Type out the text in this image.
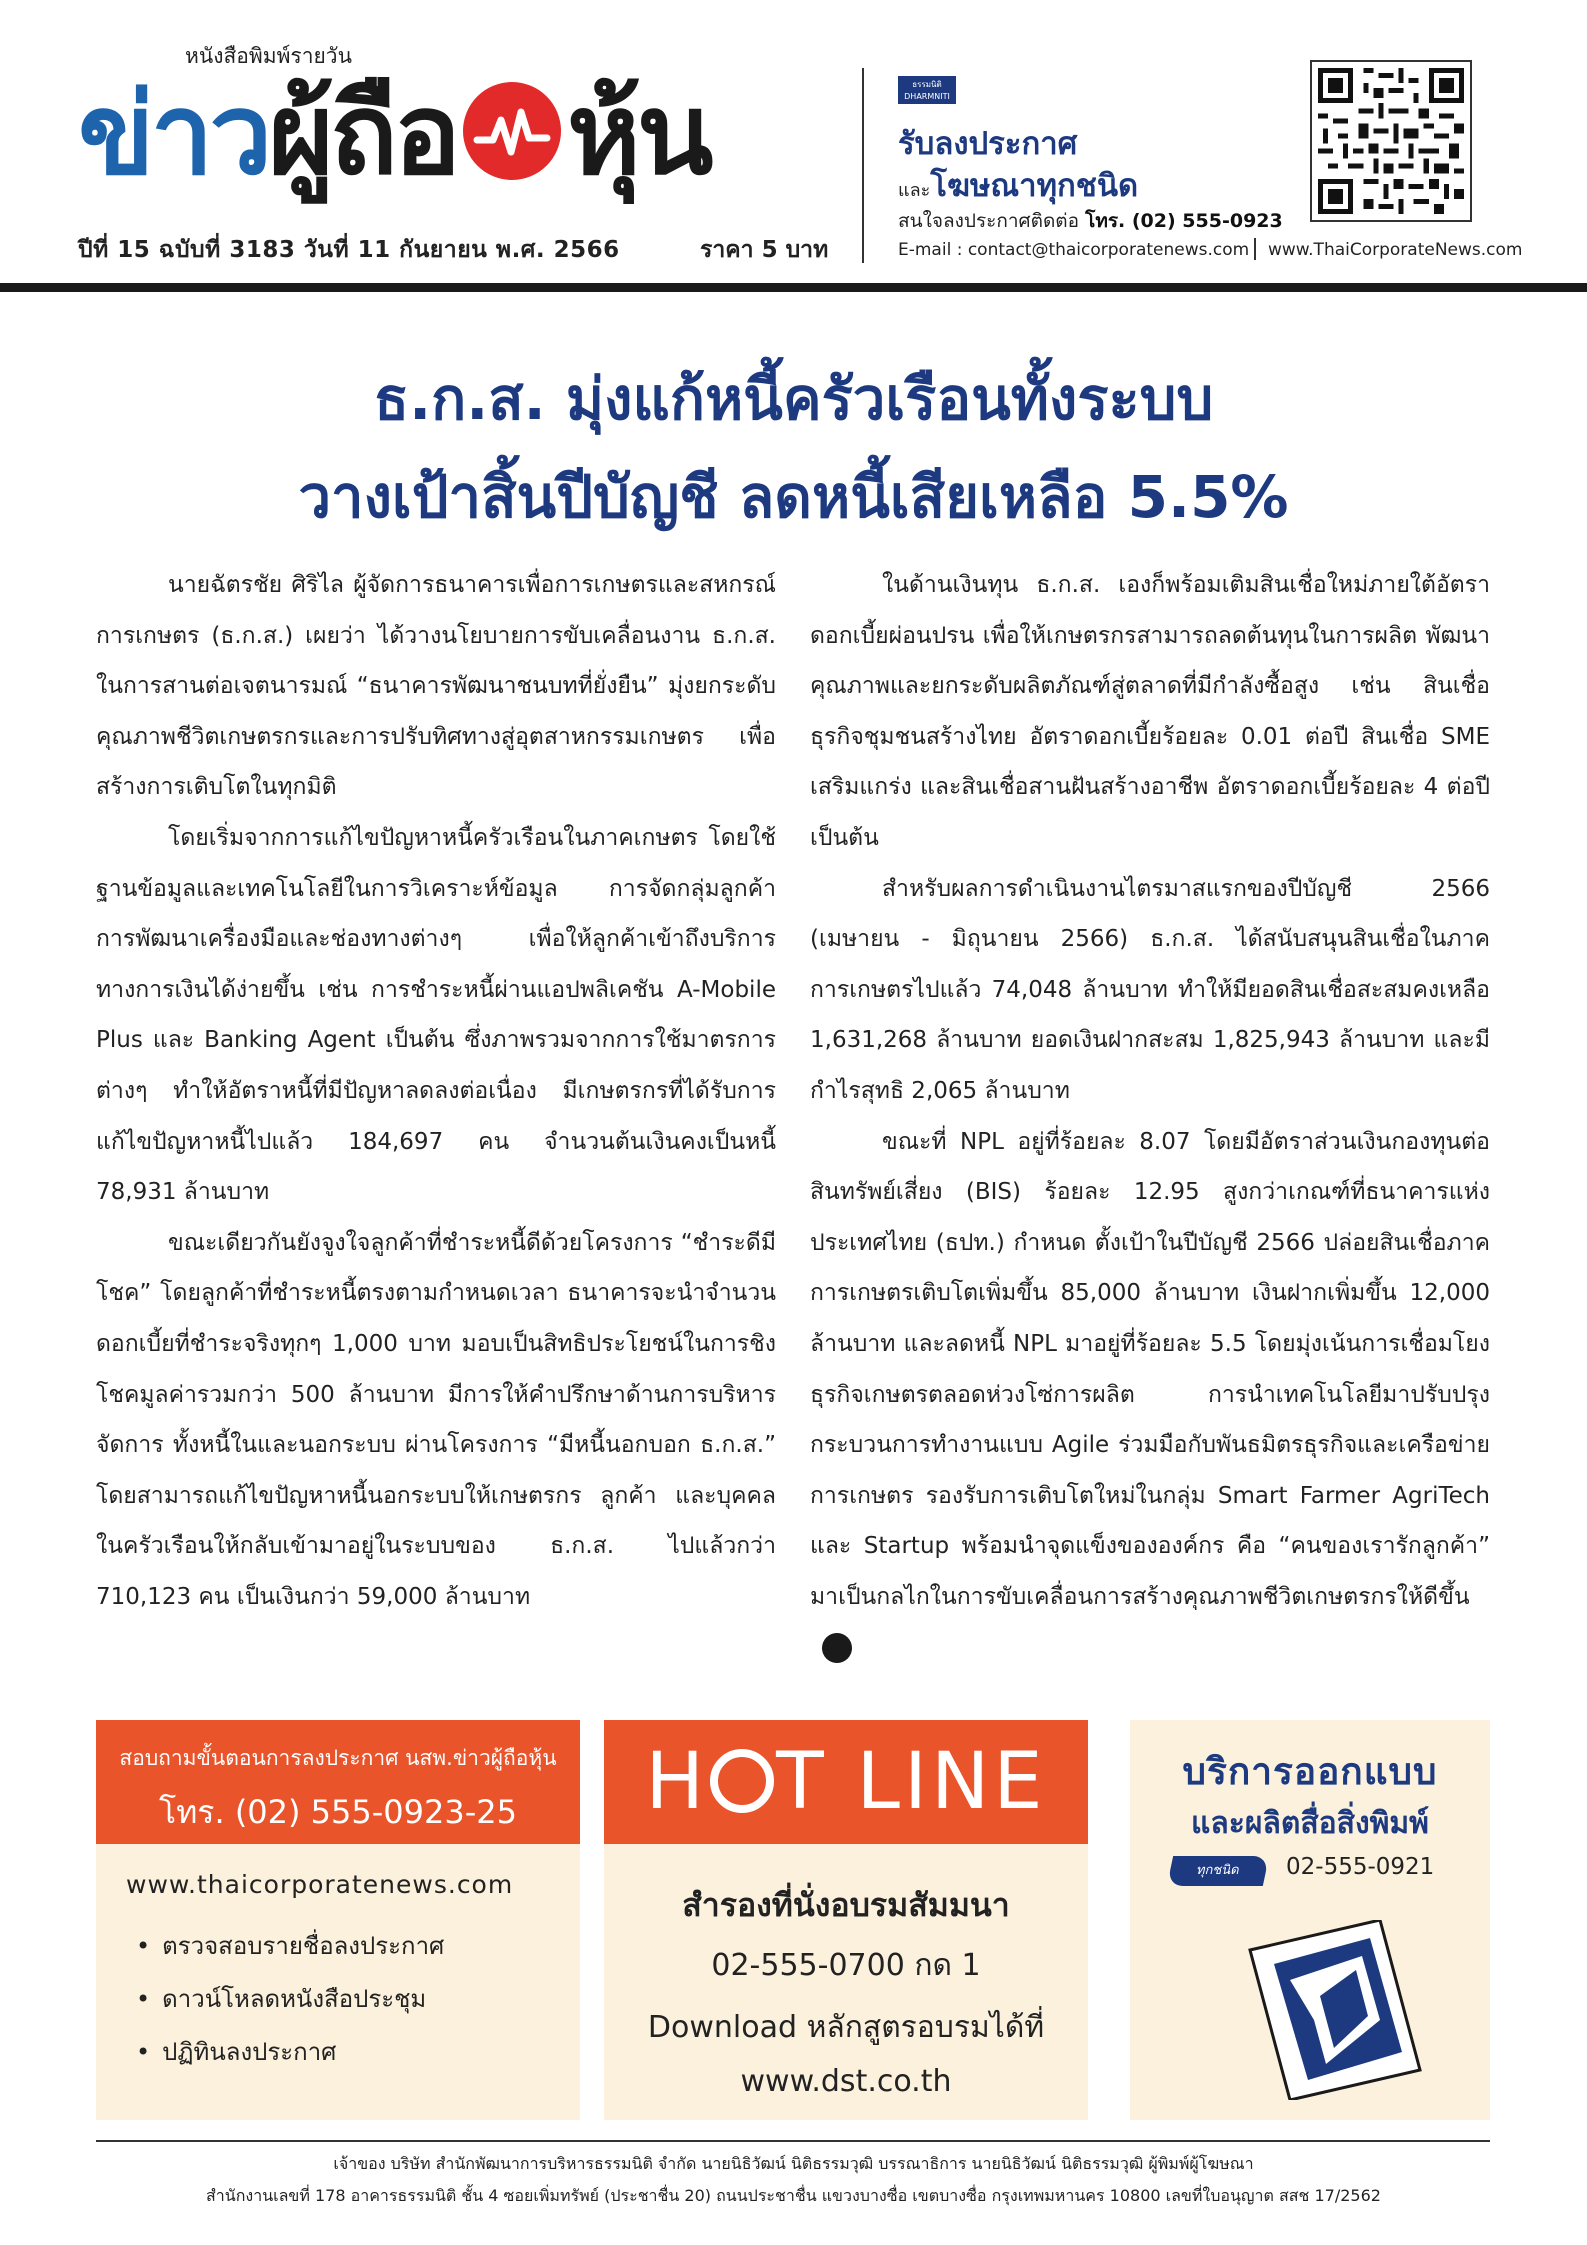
หนังสือพิมพ์รายวัน
ข่าว ผู้ถือ หุ้น
ปีที่ 15 ฉบับที่ 3183 วันที่ 11 กันยายน พ.ศ. 2566	ราคา 5 บาท
ธรรมนิติ DHARMNITI
รับลงประกาศ
และโฆษณาทุกชนิด
สนใจลงประกาศติดต่อ โทร. (02) 555-0923
E-mail : contact@thaicorporatenews.com www.ThaiCorporateNews.com
ธ.ก.ส. มุ่งแก้หนี้ครัวเรือนทั้งระบบ
วางเป้าสิ้นปีบัญชี ลดหนี้เสียเหลือ 5.5%

นายฉัตรชัย ศิริไล ผู้จัดการธนาคารเพื่อการเกษตรและสหกรณ์การเกษตร (ธ.ก.ส.) เผยว่า ได้วางนโยบายการขับเคลื่อนงาน ธ.ก.ส. ในการสานต่อเจตนารมณ์ “ธนาคารพัฒนาชนบทที่ยั่งยืน” มุ่งยกระดับคุณภาพชีวิตเกษตรกรและการปรับทิศทางสู่อุตสาหกรรมเกษตร เพื่อสร้างการเติบโตในทุกมิติ

โดยเริ่มจากการแก้ไขปัญหาหนี้ครัวเรือนในภาคเกษตร โดยใช้ฐานข้อมูลและเทคโนโลยีในการวิเคราะห์ข้อมูล การจัดกลุ่มลูกค้า การพัฒนาเครื่องมือและช่องทางต่างๆ เพื่อให้ลูกค้าเข้าถึงบริการทางการเงินได้ง่ายขึ้น เช่น การชำระหนี้ผ่านแอปพลิเคชัน A-Mobile Plus และ Banking Agent เป็นต้น ซึ่งภาพรวมจากการใช้มาตรการต่างๆ ทำให้อัตราหนี้ที่มีปัญหาลดลงต่อเนื่อง มีเกษตรกรที่ได้รับการแก้ไขปัญหาหนี้ไปแล้ว 184,697 คน จำนวนต้นเงินคงเป็นหนี้ 78,931 ล้านบาท

ขณะเดียวกันยังจูงใจลูกค้าที่ชำระหนี้ดีด้วยโครงการ “ชำระดีมีโชค” โดยลูกค้าที่ชำระหนี้ตรงตามกำหนดเวลา ธนาคารจะนำจำนวนดอกเบี้ยที่ชำระจริงทุกๆ 1,000 บาท มอบเป็นสิทธิประโยชน์ในการชิงโชคมูลค่ารวมกว่า 500 ล้านบาท มีการให้คำปรึกษาด้านการบริหารจัดการ ทั้งหนี้ในและนอกระบบ ผ่านโครงการ “มีหนี้นอกบอก ธ.ก.ส.” โดยสามารถแก้ไขปัญหาหนี้นอกระบบให้เกษตรกร ลูกค้า และบุคคลในครัวเรือนให้กลับเข้ามาอยู่ในระบบของ ธ.ก.ส. ไปแล้วกว่า 710,123 คน เป็นเงินกว่า 59,000 ล้านบาท

ในด้านเงินทุน ธ.ก.ส. เองก็พร้อมเติมสินเชื่อใหม่ภายใต้อัตราดอกเบี้ยผ่อนปรน เพื่อให้เกษตรกรสามารถลดต้นทุนในการผลิต พัฒนาคุณภาพและยกระดับผลิตภัณฑ์สู่ตลาดที่มีกำลังซื้อสูง เช่น สินเชื่อธุรกิจชุมชนสร้างไทย อัตราดอกเบี้ยร้อยละ 0.01 ต่อปี สินเชื่อ SME เสริมแกร่ง และสินเชื่อสานฝันสร้างอาชีพ อัตราดอกเบี้ยร้อยละ 4 ต่อปี เป็นต้น

สำหรับผลการดำเนินงานไตรมาสแรกของปีบัญชี 2566 (เมษายน - มิถุนายน 2566) ธ.ก.ส. ได้สนับสนุนสินเชื่อในภาคการเกษตรไปแล้ว 74,048 ล้านบาท ทำให้มียอดสินเชื่อสะสมคงเหลือ 1,631,268 ล้านบาท ยอดเงินฝากสะสม 1,825,943 ล้านบาท และมีกำไรสุทธิ 2,065 ล้านบาท

ขณะที่ NPL อยู่ที่ร้อยละ 8.07 โดยมีอัตราส่วนเงินกองทุนต่อสินทรัพย์เสี่ยง (BIS) ร้อยละ 12.95 สูงกว่าเกณฑ์ที่ธนาคารแห่งประเทศไทย (ธปท.) กำหนด ตั้งเป้าในปีบัญชี 2566 ปล่อยสินเชื่อภาคการเกษตรเติบโตเพิ่มขึ้น 85,000 ล้านบาท เงินฝากเพิ่มขึ้น 12,000 ล้านบาท และลดหนี้ NPL มาอยู่ที่ร้อยละ 5.5 โดยมุ่งเน้นการเชื่อมโยงธุรกิจเกษตรตลอดห่วงโซ่การผลิต การนำเทคโนโลยีมาปรับปรุงกระบวนการทำงานแบบ Agile ร่วมมือกับพันธมิตรธุรกิจและเครือข่ายการเกษตร รองรับการเติบโตใหม่ในกลุ่ม Smart Farmer AgriTech และ Startup พร้อมนำจุดแข็งขององค์กร คือ “คนของเรารักลูกค้า” มาเป็นกลไกในการขับเคลื่อนการสร้างคุณภาพชีวิตเกษตรกรให้ดีขึ้น

สอบถามขั้นตอนการลงประกาศ นสพ.ข่าวผู้ถือหุ้น
โทร. (02) 555-0923-25
www.thaicorporatenews.com
• ตรวจสอบรายชื่อลงประกาศ
• ดาวน์โหลดหนังสือประชุม
• ปฏิทินลงประกาศ
H T LINE
สำรองที่นั่งอบรมสัมมนา
02-555-0700 กด 1
Download หลักสูตรอบรมได้ที่
www.dst.co.th
บริการออกแบบ
และผลิตสื่อสิ่งพิมพ์
ทุกชนิด	02-555-0921
เจ้าของ บริษัท สำนักพัฒนาการบริหารธรรมนิติ จำกัด นายนิธิวัฒน์ นิติธรรมวุฒิ บรรณาธิการ นายนิธิวัฒน์ นิติธรรมวุฒิ ผู้พิมพ์ผู้โฆษณา
สำนักงานเลขที่ 178 อาคารธรรมนิติ ชั้น 4 ซอยเพิ่มทรัพย์ (ประชาชื่น 20) ถนนประชาชื่น แขวงบางซื่อ เขตบางซื่อ กรุงเทพมหานคร 10800 เลขที่ใบอนุญาต สสช 17/2562
